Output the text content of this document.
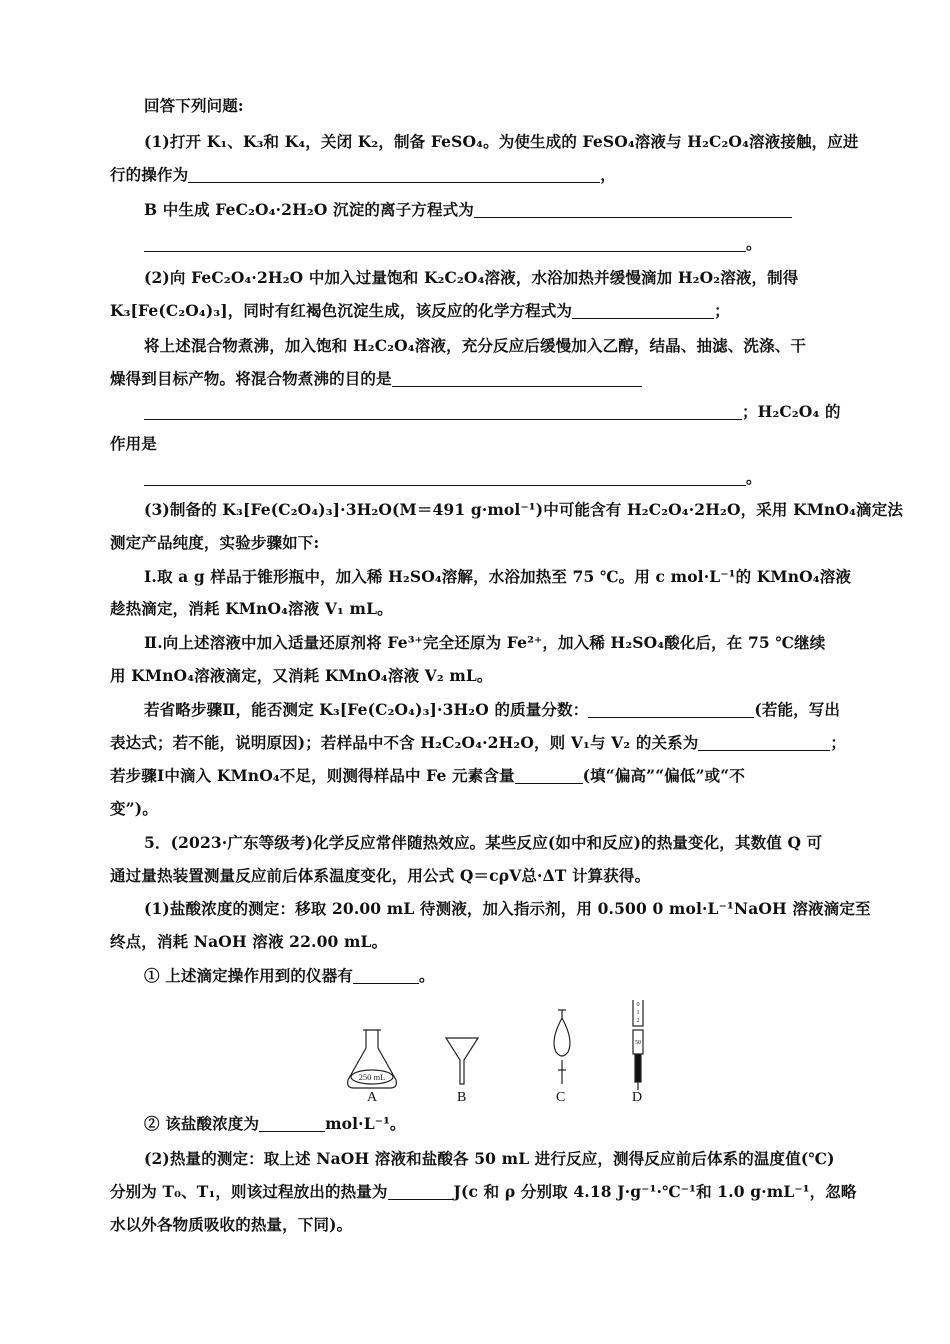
回答下列问题:
(1)打开 K₁、K₃和 K₄，关闭 K₂，制备 FeSO₄。为使生成的 FeSO₄溶液与 H₂C₂O₄溶液接触，应进
行的操作为	，
B 中生成 FeC₂O₄·2H₂O 沉淀的离子方程式为
。
(2)向 FeC₂O₄·2H₂O 中加入过量饱和 K₂C₂O₄溶液，水浴加热并缓慢滴加 H₂O₂溶液，制得
K₃[Fe(C₂O₄)₃]，同时有红褐色沉淀生成，该反应的化学方程式为	；
将上述混合物煮沸，加入饱和 H₂C₂O₄溶液，充分反应后缓慢加入乙醇，结晶、抽滤、洗涤、干
燥得到目标产物。将混合物煮沸的目的是
；H₂C₂O₄ 的
作用是
。
(3)制备的 K₃[Fe(C₂O₄)₃]·3H₂O(M＝491 g·mol⁻¹)中可能含有 H₂C₂O₄·2H₂O，采用 KMnO₄滴定法
测定产品纯度，实验步骤如下:
Ⅰ.取 a g 样品于锥形瓶中，加入稀 H₂SO₄溶解，水浴加热至 75 ℃。用 c mol·L⁻¹的 KMnO₄溶液
趁热滴定，消耗 KMnO₄溶液 V₁ mL。
Ⅱ.向上述溶液中加入适量还原剂将 Fe³⁺完全还原为 Fe²⁺，加入稀 H₂SO₄酸化后，在 75 ℃继续
用 KMnO₄溶液滴定，又消耗 KMnO₄溶液 V₂ mL。
若省略步骤Ⅱ，能否测定 K₃[Fe(C₂O₄)₃]·3H₂O 的质量分数：	(若能，写出
表达式；若不能，说明原因)；若样品中不含 H₂C₂O₄·2H₂O，则 V₁与 V₂ 的关系为	；
若步骤Ⅰ中滴入 KMnO₄不足，则测得样品中 Fe 元素含量	(填“偏高”“偏低”或“不
变”)。
5．(2023·广东等级考)化学反应常伴随热效应。某些反应(如中和反应)的热量变化，其数值 Q 可
通过量热装置测量反应前后体系温度变化，用公式 Q＝cρV总·ΔT 计算获得。
(1)盐酸浓度的测定：移取 20.00 mL 待测液，加入指示剂，用 0.500 0 mol·L⁻¹NaOH 溶液滴定至
终点，消耗 NaOH 溶液 22.00 mL。
① 上述滴定操作用到的仪器有	。
250 mL
0
1
2
50
A	B	C	D
② 该盐酸浓度为	mol·L⁻¹。
(2)热量的测定：取上述 NaOH 溶液和盐酸各 50 mL 进行反应，测得反应前后体系的温度值(℃)
分别为 T₀、T₁，则该过程放出的热量为	J(c 和 ρ 分别取 4.18 J·g⁻¹·℃⁻¹和 1.0 g·mL⁻¹，忽略
水以外各物质吸收的热量，下同)。
